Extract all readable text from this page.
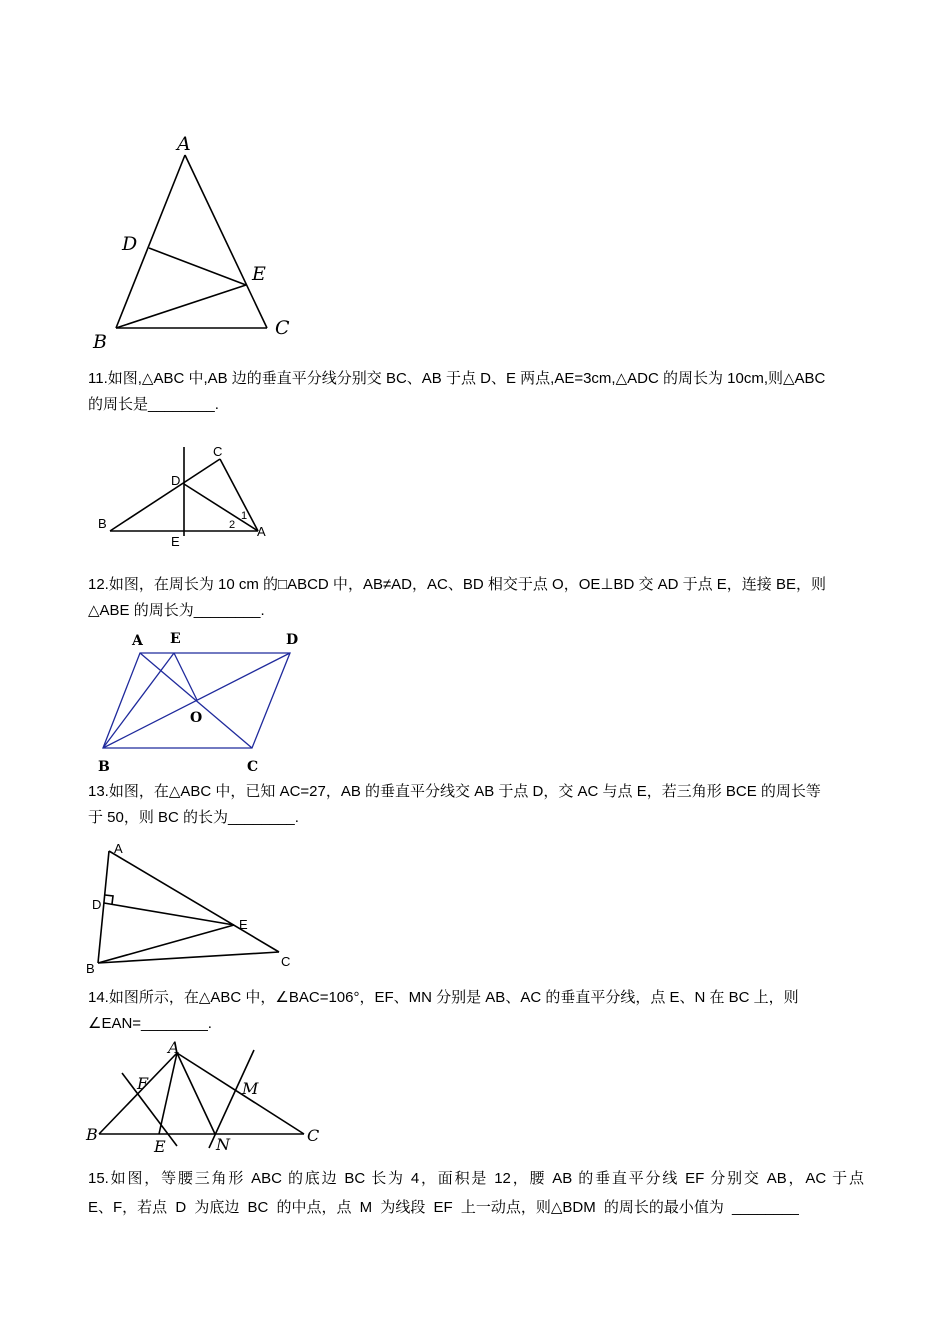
A
D
E
B
C

11.如图,△ABC 中,AB 边的垂直平分线分别交 BC、AB 于点 D、E 两点,AE=3cm,△ADC 的周长为 10cm,则△ABC
的周长是________.

C
D
B
E
A
1
2

12.如图，在周长为 10 cm 的□ABCD 中，AB≠AD，AC、BD 相交于点 O，OE⊥BD 交 AD 于点 E，连接 BE，则
△ABE 的周长为________.

A E	D
O
B	C

13.如图，在△ABC 中，已知 AC=27，AB 的垂直平分线交 AB 于点 D，交 AC 与点 E，若三角形 BCE 的周长等
于 50，则 BC 的长为________.

A
D
E
B	C

14.如图所示，在△ABC 中，∠BAC=106°，EF、MN 分别是 AB、AC 的垂直平分线，点 E、N 在 BC 上，则
∠EAN=________.

A
F	M
B
E	N	C

15.如图，等腰三角形 ABC 的底边 BC 长为 4，面积是 12，腰 AB 的垂直平分线 EF 分别交 AB，AC 于点

E、F，若点 D 为底边 BC 的中点，点 M 为线段 EF 上一动点，则△BDM 的周长的最小值为 ________
